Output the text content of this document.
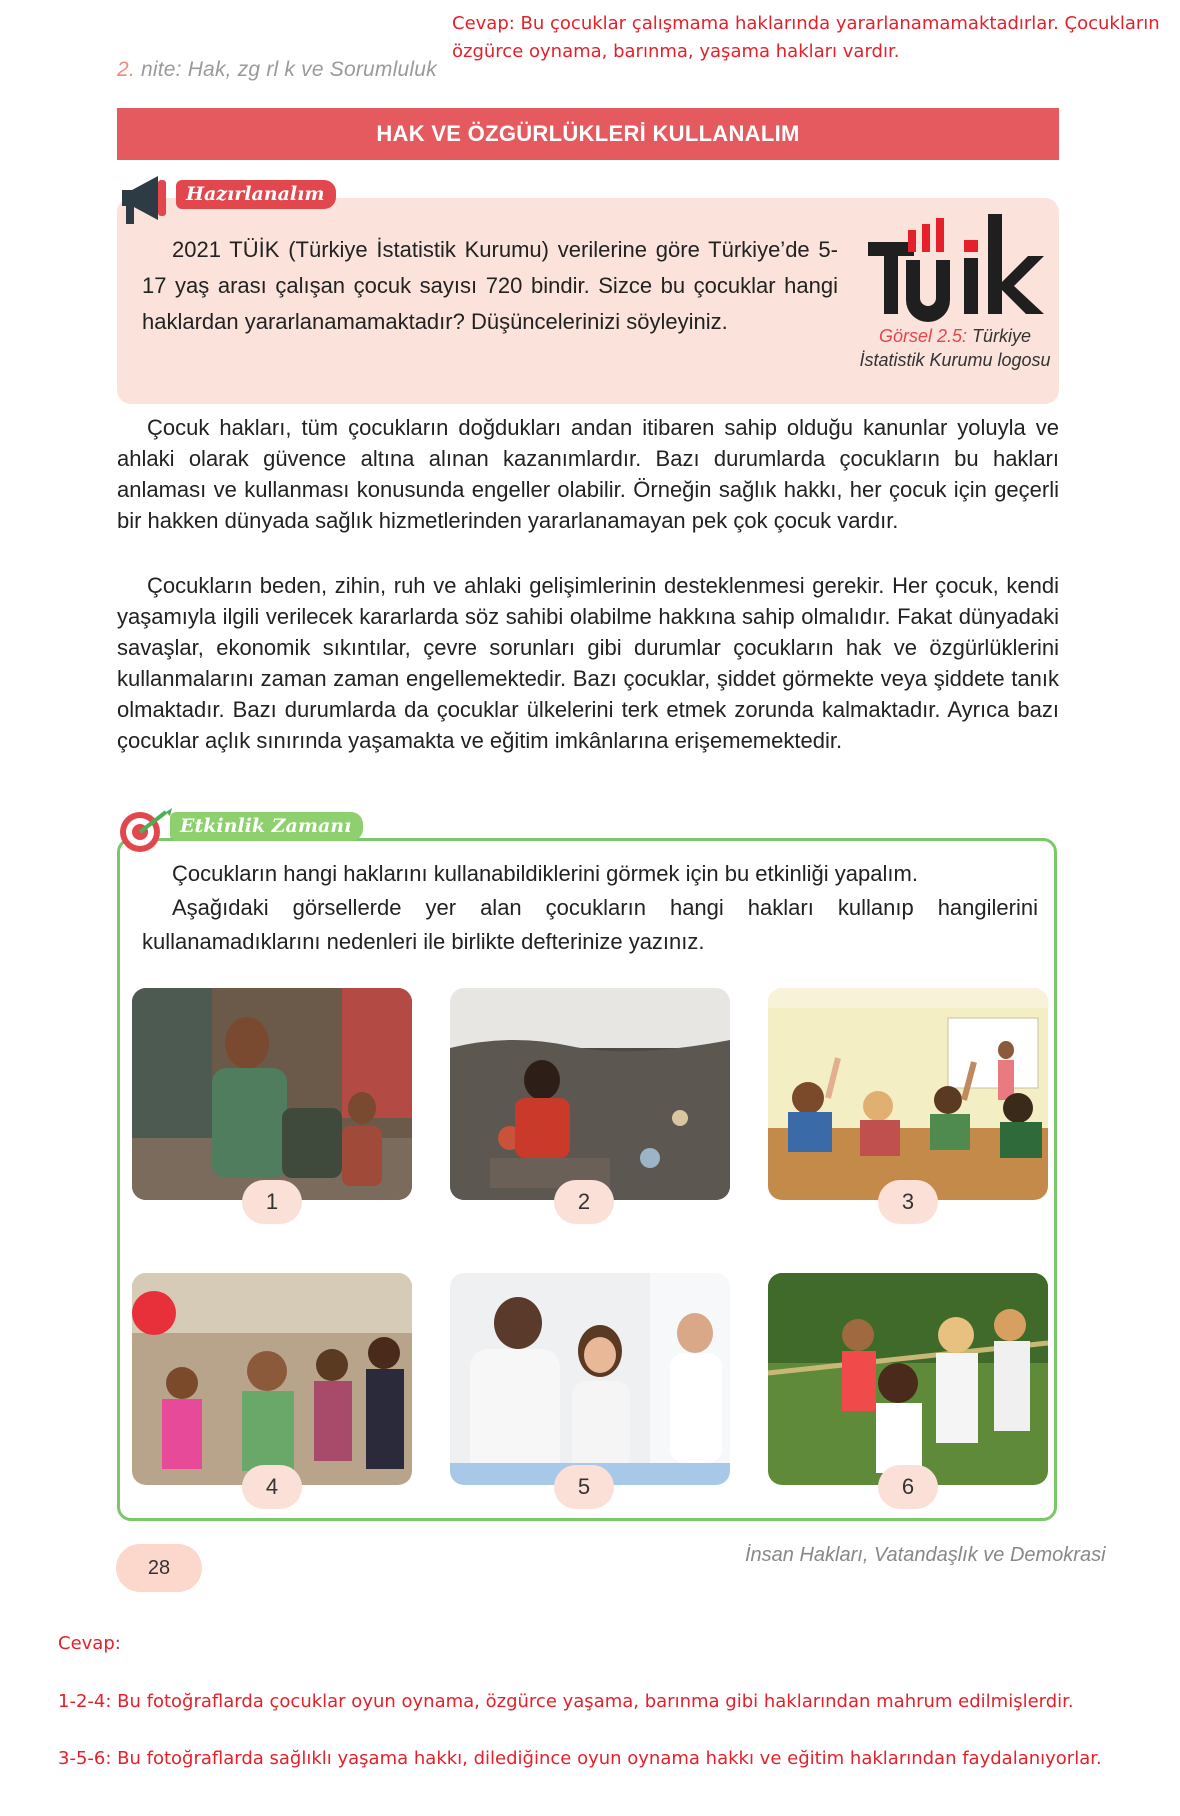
Cevap: Bu çocuklar çalışmama haklarında yararlanamamaktadırlar. Çocukların özgürce oynama, barınma, yaşama hakları vardır.
2. nite: Hak, zg rl k ve Sorumluluk
HAK VE ÖZGÜRLÜKLERİ KULLANALIM
Hazırlanalım
2021 TÜİK (Türkiye İstatistik Kurumu) verilerine göre Türkiye’de 5-17 yaş arası çalışan çocuk sayısı 720 bindir. Sizce bu çocuklar hangi haklardan yararlanamamaktadır? Düşüncelerinizi söyleyiniz.
TÜİK
Görsel 2.5: Türkiye İstatistik Kurumu logosu
Çocuk hakları, tüm çocukların doğdukları andan itibaren sahip olduğu kanunlar yoluyla ve ahlaki olarak güvence altına alınan kazanımlardır. Bazı durumlarda çocukların bu hakları anlaması ve kullanması konusunda engeller olabilir. Örneğin sağlık hakkı, her çocuk için geçerli bir hakken dünyada sağlık hizmetlerinden yararlanamayan pek çok çocuk vardır.
Çocukların beden, zihin, ruh ve ahlaki gelişimlerinin desteklenmesi gerekir. Her çocuk, kendi yaşamıyla ilgili verilecek kararlarda söz sahibi olabilme hakkına sahip olmalıdır. Fakat dünyadaki savaşlar, ekonomik sıkıntılar, çevre sorunları gibi durumlar çocukların hak ve özgürlüklerini kullanmalarını zaman zaman engellemektedir. Bazı çocuklar, şiddet görmekte veya şiddete tanık olmaktadır. Bazı durumlarda da çocuklar ülkelerini terk etmek zorunda kalmaktadır. Ayrıca bazı çocuklar açlık sınırında yaşamakta ve eğitim imkânlarına erişememektedir.
Etkinlik Zamanı
Çocukların hangi haklarını kullanabildiklerini görmek için bu etkinliği yapalım.
Aşağıdaki görsellerde yer alan çocukların hangi hakları kullanıp hangilerini kullanamadıklarını nedenleri ile birlikte defterinize yazınız.
1	2	3
4	5	6
28
İnsan Hakları, Vatandaşlık ve Demokrasi
Cevap:
1-2-4: Bu fotoğraflarda çocuklar oyun oynama, özgürce yaşama, barınma gibi haklarından mahrum edilmişlerdir.
3-5-6: Bu fotoğraflarda sağlıklı yaşama hakkı, dilediğince oyun oynama hakkı ve eğitim haklarından faydalanıyorlar.
